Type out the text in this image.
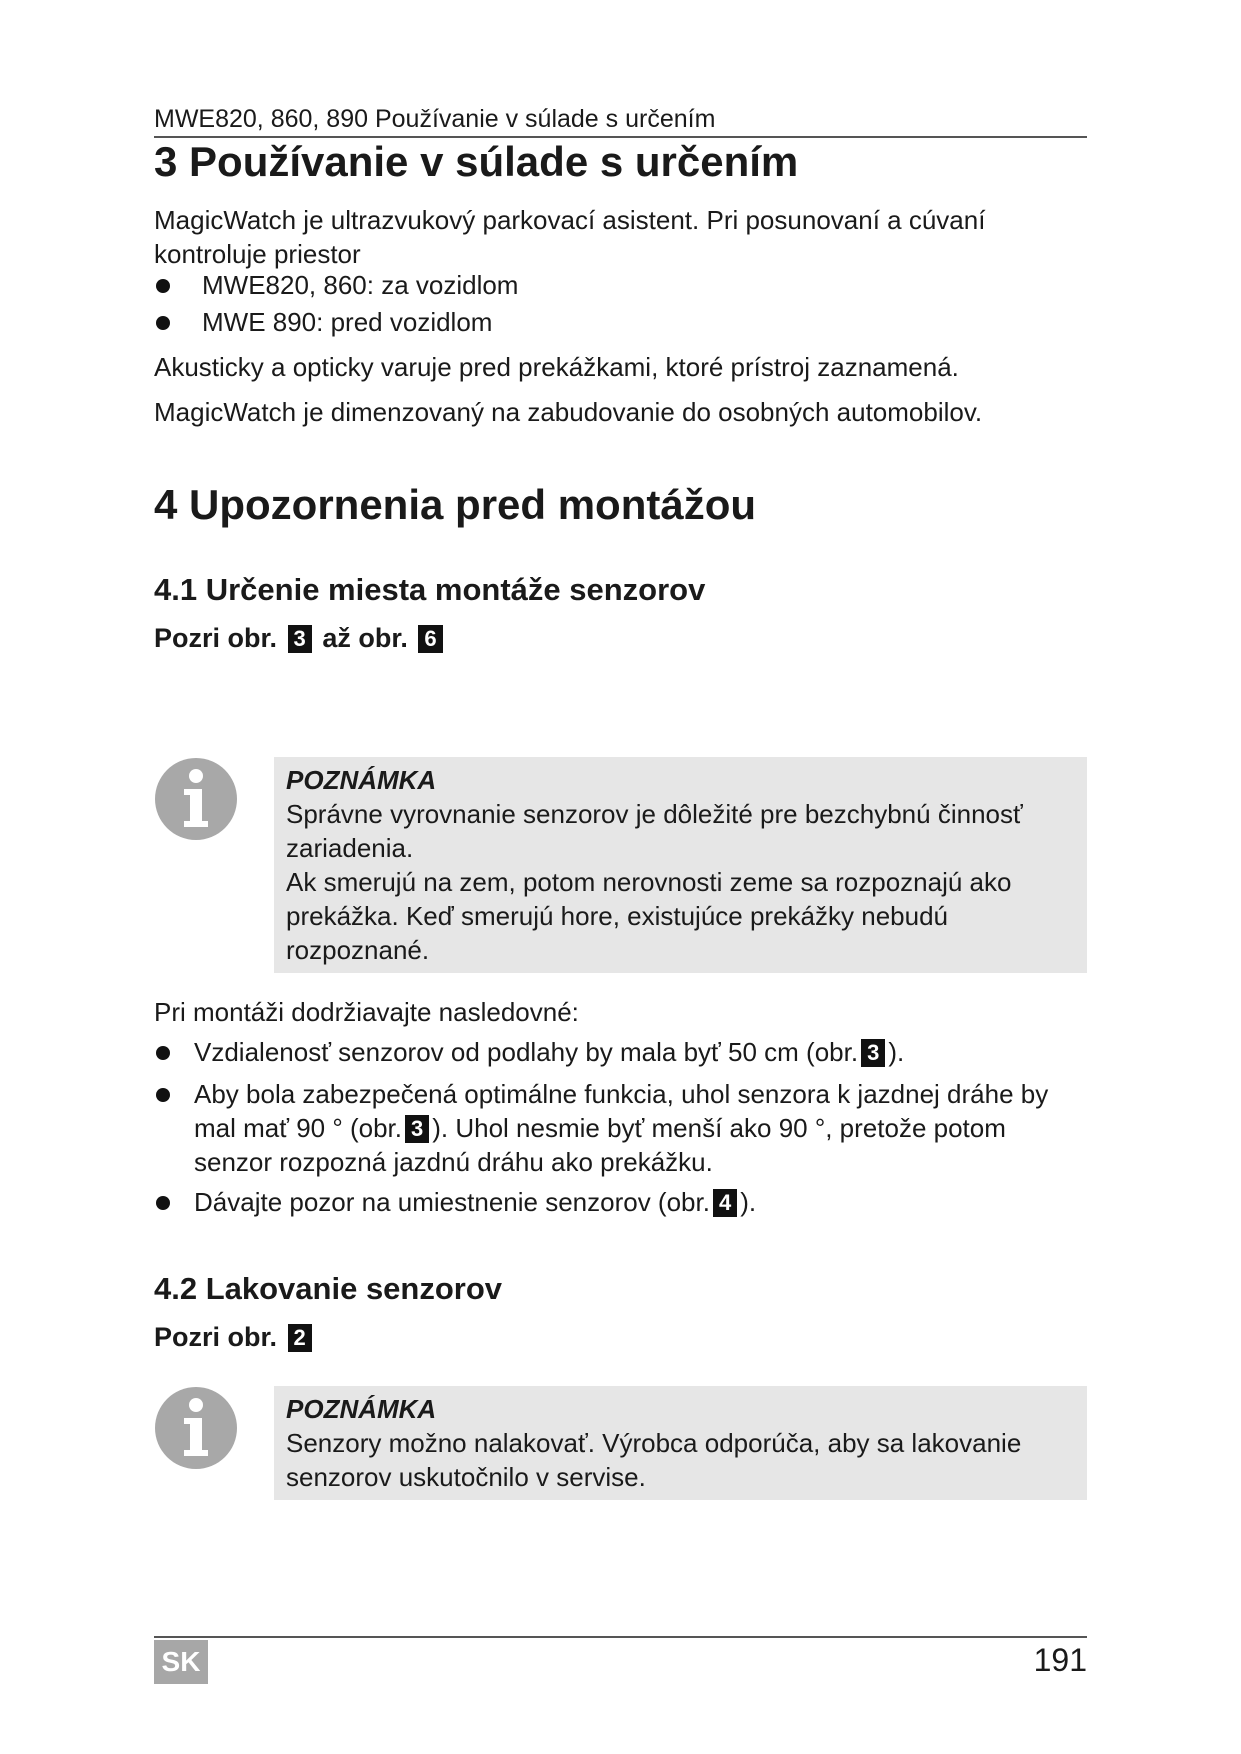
MWE820, 860, 890 Používanie v súlade s určením
3 Používanie v súlade s určením
MagicWatch je ultrazvukový parkovací asistent. Pri posunovaní a cúvaní kontroluje priestor
MWE820, 860: za vozidlom
MWE 890: pred vozidlom
Akusticky a opticky varuje pred prekážkami, ktoré prístroj zaznamená.
MagicWatch je dimenzovaný na zabudovanie do osobných automobilov.
4 Upozornenia pred montážou
4.1 Určenie miesta montáže senzorov
Pozri obr. 3 až obr. 6
POZNÁMKA
Správne vyrovnanie senzorov je dôležité pre bezchybnú činnosť zariadenia.
Ak smerujú na zem, potom nerovnosti zeme sa rozpoznajú ako prekážka. Keď smerujú hore, existujúce prekážky nebudú rozpoznané.
Pri montáži dodržiavajte nasledovné:
Vzdialenosť senzorov od podlahy by mala byť 50 cm (obr. 3 ).
Aby bola zabezpečená optimálne funkcia, uhol senzora k jazdnej dráhe by mal mať 90 ° (obr. 3 ). Uhol nesmie byť menší ako 90 °, pretože potom senzor rozpozná jazdnú dráhu ako prekážku.
Dávajte pozor na umiestnenie senzorov (obr. 4 ).
4.2 Lakovanie senzorov
Pozri obr. 2
POZNÁMKA
Senzory možno nalakovať. Výrobca odporúča, aby sa lakovanie senzorov uskutočnilo v servise.
SK	191
